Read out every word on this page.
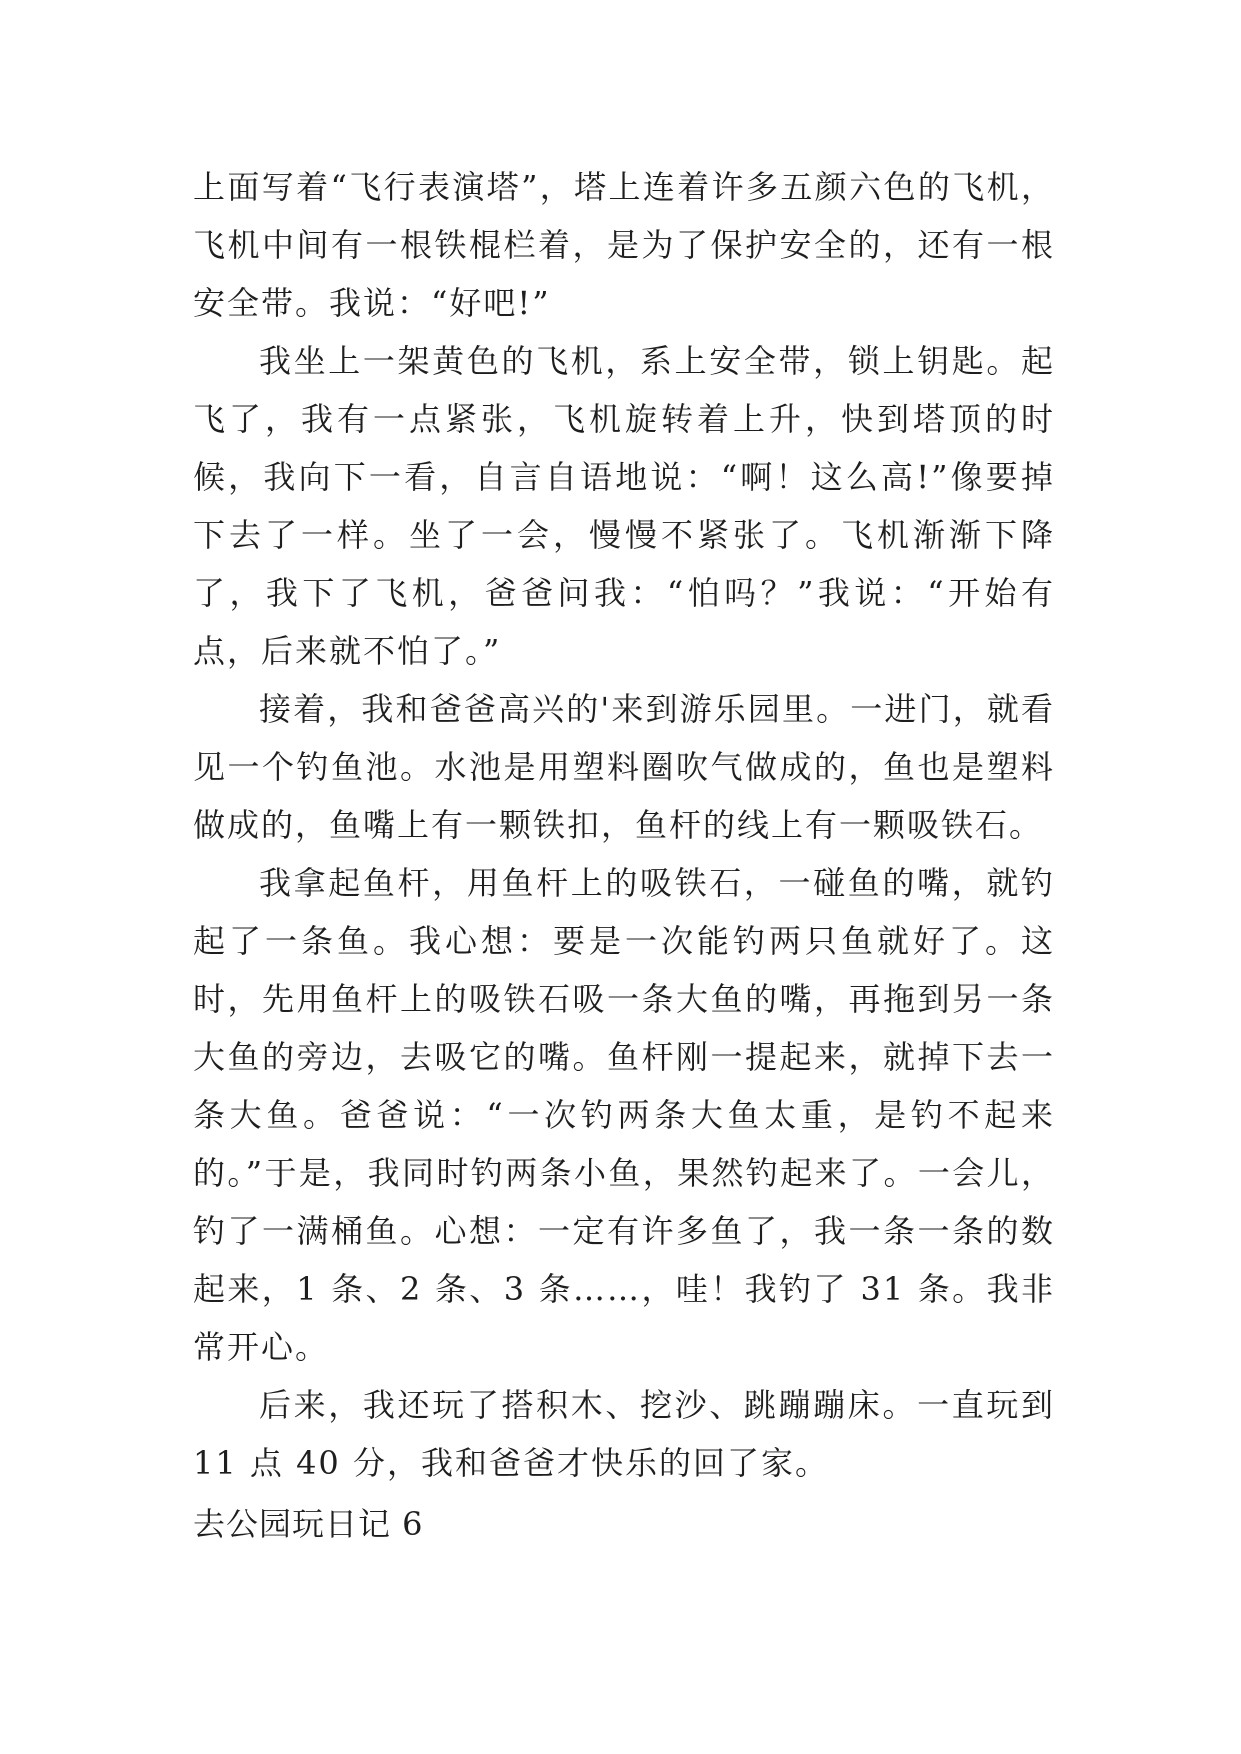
上面写着“飞行表演塔”，塔上连着许多五颜六色的飞机，飞机中间有一根铁棍栏着，是为了保护安全的，还有一根安全带。我说：“好吧!”

我坐上一架黄色的飞机，系上安全带，锁上钥匙。起飞了，我有一点紧张，飞机旋转着上升，快到塔顶的时候，我向下一看，自言自语地说：“啊！这么高!”像要掉下去了一样。坐了一会，慢慢不紧张了。飞机渐渐下降了，我下了飞机，爸爸问我：“怕吗？”我说：“开始有点，后来就不怕了。”

接着，我和爸爸高兴的'来到游乐园里。一进门，就看见一个钓鱼池。水池是用塑料圈吹气做成的，鱼也是塑料做成的，鱼嘴上有一颗铁扣，鱼杆的线上有一颗吸铁石。

我拿起鱼杆，用鱼杆上的吸铁石，一碰鱼的嘴，就钓起了一条鱼。我心想：要是一次能钓两只鱼就好了。这时，先用鱼杆上的吸铁石吸一条大鱼的嘴，再拖到另一条大鱼的旁边，去吸它的嘴。鱼杆刚一提起来，就掉下去一条大鱼。爸爸说：“一次钓两条大鱼太重，是钓不起来的。”于是，我同时钓两条小鱼，果然钓起来了。一会儿，钓了一满桶鱼。心想：一定有许多鱼了，我一条一条的数起来，1 条、2 条、3 条……，哇！我钓了 31 条。我非常开心。

后来，我还玩了搭积木、挖沙、跳蹦蹦床。一直玩到 11 点 40 分，我和爸爸才快乐的回了家。

去公园玩日记 6
